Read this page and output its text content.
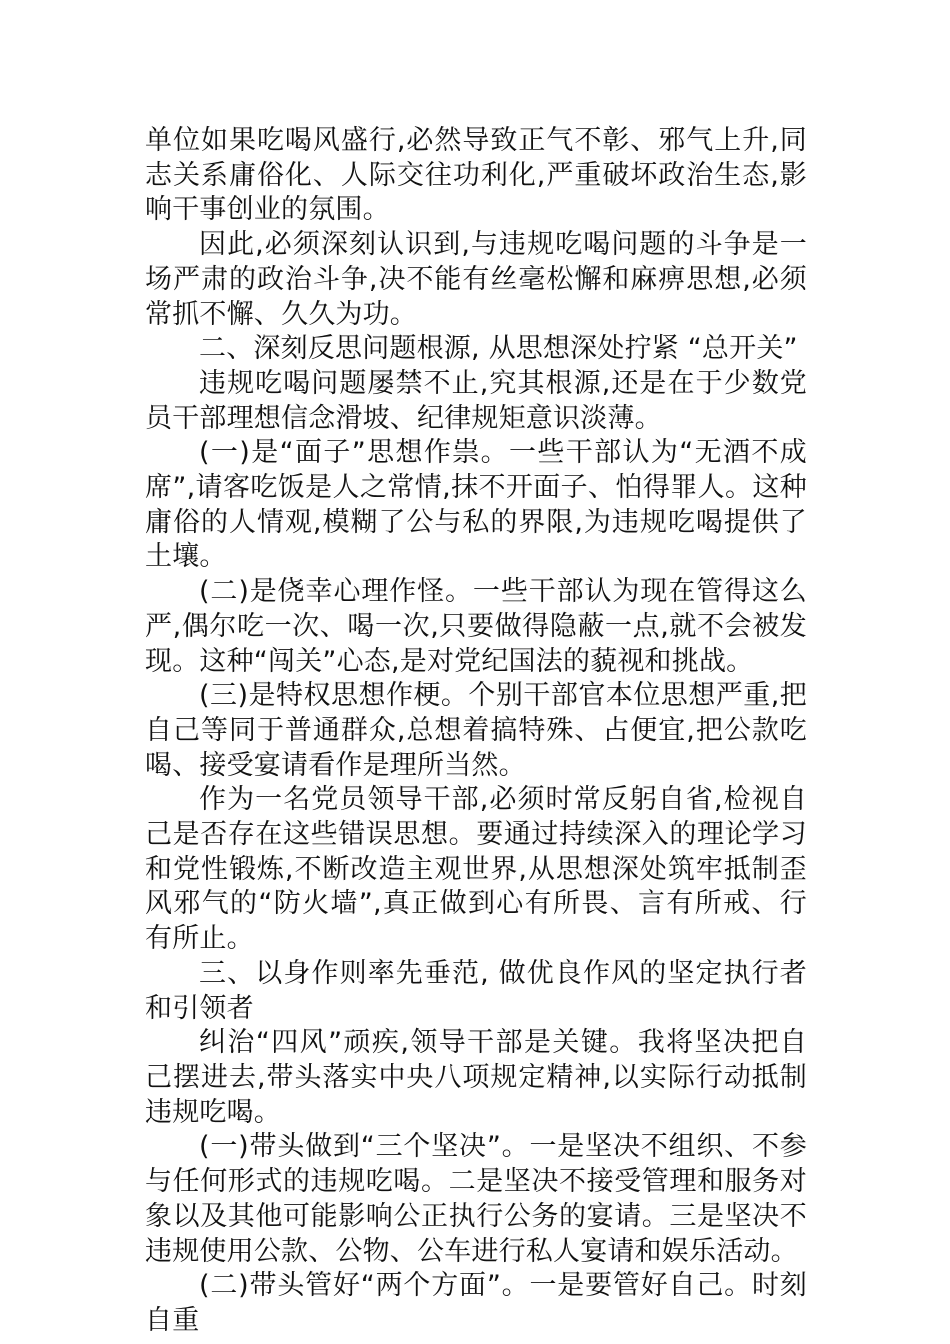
单位如果吃喝风盛行,必然导致正气不彰、邪气上升,同志关系庸俗化、人际交往功利化,严重破坏政治生态,影响干事创业的氛围。

因此,必须深刻认识到,与违规吃喝问题的斗争是一场严肃的政治斗争,决不能有丝毫松懈和麻痹思想,必须常抓不懈、久久为功。

二、深刻反思问题根源, 从思想深处拧紧 “总开关”

违规吃喝问题屡禁不止,究其根源,还是在于少数党员干部理想信念滑坡、纪律规矩意识淡薄。

(一)是“面子”思想作祟。一些干部认为“无酒不成席”,请客吃饭是人之常情,抹不开面子、怕得罪人。这种庸俗的人情观,模糊了公与私的界限,为违规吃喝提供了土壤。

(二)是侥幸心理作怪。一些干部认为现在管得这么严,偶尔吃一次、喝一次,只要做得隐蔽一点,就不会被发现。这种“闯关”心态,是对党纪国法的藐视和挑战。

(三)是特权思想作梗。个别干部官本位思想严重,把自己等同于普通群众,总想着搞特殊、占便宜,把公款吃喝、接受宴请看作是理所当然。

作为一名党员领导干部,必须时常反躬自省,检视自己是否存在这些错误思想。要通过持续深入的理论学习和党性锻炼,不断改造主观世界,从思想深处筑牢抵制歪风邪气的“防火墙”,真正做到心有所畏、言有所戒、行有所止。

三、以身作则率先垂范, 做优良作风的坚定执行者和引领者

纠治“四风”顽疾,领导干部是关键。我将坚决把自己摆进去,带头落实中央八项规定精神,以实际行动抵制违规吃喝。

(一)带头做到“三个坚决”。一是坚决不组织、不参与任何形式的违规吃喝。二是坚决不接受管理和服务对象以及其他可能影响公正执行公务的宴请。三是坚决不违规使用公款、公物、公车进行私人宴请和娱乐活动。

(二)带头管好“两个方面”。一是要管好自己。时刻自重
